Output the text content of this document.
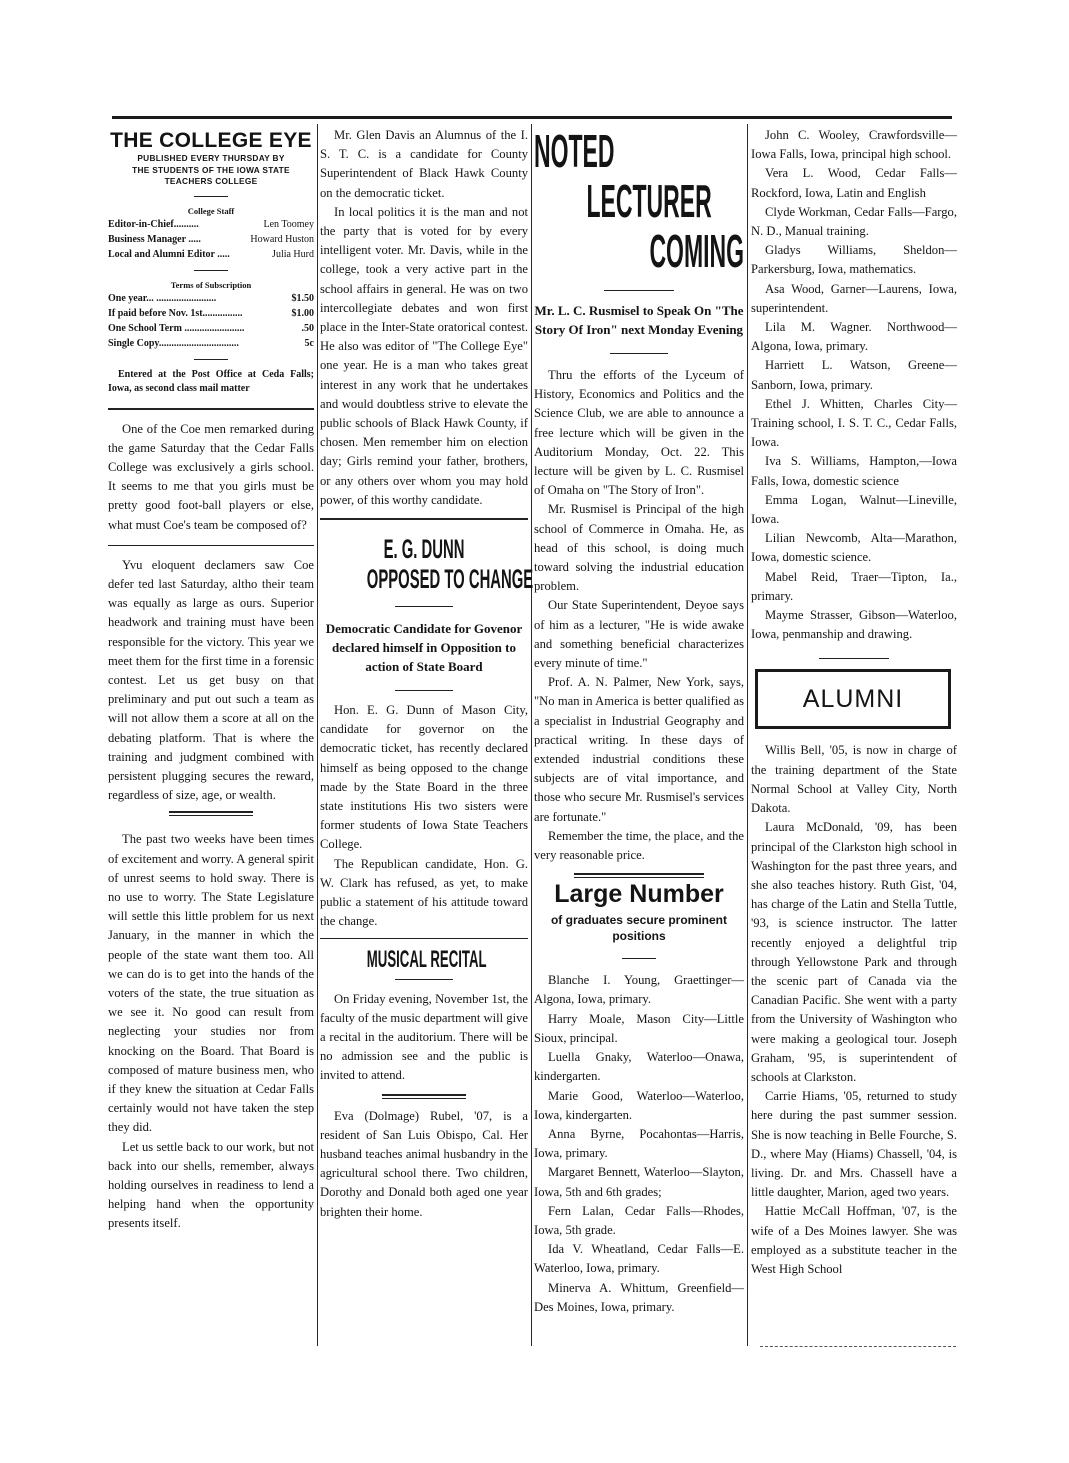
THE COLLEGE EYE
PUBLISHED EVERY THURSDAY BY
THE STUDENTS OF THE IOWA STATE
TEACHERS COLLEGE
College Staff
Editor-in-Chief..........	Len Toomey
Business Manager .....	Howard Huston
Local and Alumni Editor .....	Julia Hurd
Terms of Subscription
One year... ........................	$1.50
If paid before Nov. 1st................	$1.00
One School Term ........................	.50
Single Copy................................	5c
Entered at the Post Office at Ceda Falls; Iowa, as second class mail matter

One of the Coe men remarked during the game Saturday that the Cedar Falls College was exclusively a girls school. It seems to me that you girls must be pretty good foot-ball players or else, what must Coe's team be composed of?

Yvu eloquent declamers saw Coe defer ted last Saturday, altho their team was equally as large as ours. Superior headwork and training must have been responsible for the victory. This year we meet them for the first time in a forensic contest. Let us get busy on that preliminary and put out such a team as will not allow them a score at all on the debating platform. That is where the training and judgment combined with persistent plugging secures the reward, regardless of size, age, or wealth.

The past two weeks have been times of excitement and worry. A general spirit of unrest seems to hold sway. There is no use to worry. The State Legislature will settle this little problem for us next January, in the manner in which the people of the state want them too. All we can do is to get into the hands of the voters of the state, the true situation as we see it. No good can result from neglecting your studies nor from knocking on the Board. That Board is composed of mature business men, who if they knew the situation at Cedar Falls certainly would not have taken the step they did.

Let us settle back to our work, but not back into our shells, remember, always holding ourselves in readiness to lend a helping hand when the opportunity presents itself.

Mr. Glen Davis an Alumnus of the I. S. T. C. is a candidate for County Superintendent of Black Hawk County on the democratic ticket.

In local politics it is the man and not the party that is voted for by every intelligent voter. Mr. Davis, while in the college, took a very active part in the school affairs in general. He was on two intercollegiate debates and won first place in the Inter-State oratorical contest. He also was editor of "The College Eye" one year. He is a man who takes great interest in any work that he undertakes and would doubtless strive to elevate the public schools of Black Hawk County, if chosen. Men remember him on election day; Girls remind your father, brothers, or any others over whom you may hold power, of this worthy candidate.

E. G. DUNN
OPPOSED TO CHANGE
Democratic Candidate for Govenor declared himself in Opposition to action of State Board

Hon. E. G. Dunn of Mason City, candidate for governor on the democratic ticket, has recently declared himself as being opposed to the change made by the State Board in the three state institutions His two sisters were former students of Iowa State Teachers College.

The Republican candidate, Hon. G. W. Clark has refused, as yet, to make public a statement of his attitude toward the change.

MUSICAL RECITAL

On Friday evening, November 1st, the faculty of the music department will give a recital in the auditorium. There will be no admission see and the public is invited to attend.

Eva (Dolmage) Rubel, '07, is a resident of San Luis Obispo, Cal. Her husband teaches animal husbandry in the agricultural school there. Two children, Dorothy and Donald both aged one year brighten their home.

NOTED
LECTURER
COMING
Mr. L. C. Rusmisel to Speak On "The Story Of Iron" next Monday Evening

Thru the efforts of the Lyceum of History, Economics and Politics and the Science Club, we are able to announce a free lecture which will be given in the Auditorium Monday, Oct. 22. This lecture will be given by L. C. Rusmisel of Omaha on "The Story of Iron".

Mr. Rusmisel is Principal of the high school of Commerce in Omaha. He, as head of this school, is doing much toward solving the industrial education problem.

Our State Superintendent, Deyoe says of him as a lecturer, "He is wide awake and something beneficial characterizes every minute of time."

Prof. A. N. Palmer, New York, says, "No man in America is better qualified as a specialist in Industrial Geography and practical writing. In these days of extended industrial conditions these subjects are of vital importance, and those who secure Mr. Rusmisel's services are fortunate."

Remember the time, the place, and the very reasonable price.

Large Number
of graduates secure prominent positions

Blanche I. Young, Graettinger—Algona, Iowa, primary.

Harry Moale, Mason City—Little Sioux, principal.

Luella Gnaky, Waterloo—Onawa, kindergarten.

Marie Good, Waterloo—Waterloo, Iowa, kindergarten.

Anna Byrne, Pocahontas—Harris, Iowa, primary.

Margaret Bennett, Waterloo—Slayton, Iowa, 5th and 6th grades;

Fern Lalan, Cedar Falls—Rhodes, Iowa, 5th grade.

Ida V. Wheatland, Cedar Falls—E. Waterloo, Iowa, primary.

Minerva A. Whittum, Greenfield—Des Moines, Iowa, primary.

John C. Wooley, Crawfordsville—Iowa Falls, Iowa, principal high school.

Vera L. Wood, Cedar Falls—Rockford, Iowa, Latin and English

Clyde Workman, Cedar Falls—Fargo, N. D., Manual training.

Gladys Williams, Sheldon—Parkersburg, Iowa, mathematics.

Asa Wood, Garner—Laurens, Iowa, superintendent.

Lila M. Wagner. Northwood—Algona, Iowa, primary.

Harriett L. Watson, Greene—Sanborn, Iowa, primary.

Ethel J. Whitten, Charles City—Training school, I. S. T. C., Cedar Falls, Iowa.

Iva S. Williams, Hampton,—Iowa Falls, Iowa, domestic science

Emma Logan, Walnut—Lineville, Iowa.

Lilian Newcomb, Alta—Marathon, Iowa, domestic science.

Mabel Reid, Traer—Tipton, Ia., primary.

Mayme Strasser, Gibson—Waterloo, Iowa, penmanship and drawing.

ALUMNI

Willis Bell, '05, is now in charge of the training department of the State Normal School at Valley City, North Dakota.

Laura McDonald, '09, has been principal of the Clarkston high school in Washington for the past three years, and she also teaches history. Ruth Gist, '04, has charge of the Latin and Stella Tuttle, '93, is science instructor. The latter recently enjoyed a delightful trip through Yellowstone Park and through the scenic part of Canada via the Canadian Pacific. She went with a party from the University of Washington who were making a geological tour. Joseph Graham, '95, is superintendent of schools at Clarkston.

Carrie Hiams, '05, returned to study here during the past summer session. She is now teaching in Belle Fourche, S. D., where May (Hiams) Chassell, '04, is living. Dr. and Mrs. Chassell have a little daughter, Marion, aged two years.

Hattie McCall Hoffman, '07, is the wife of a Des Moines lawyer. She was employed as a substitute teacher in the West High School
